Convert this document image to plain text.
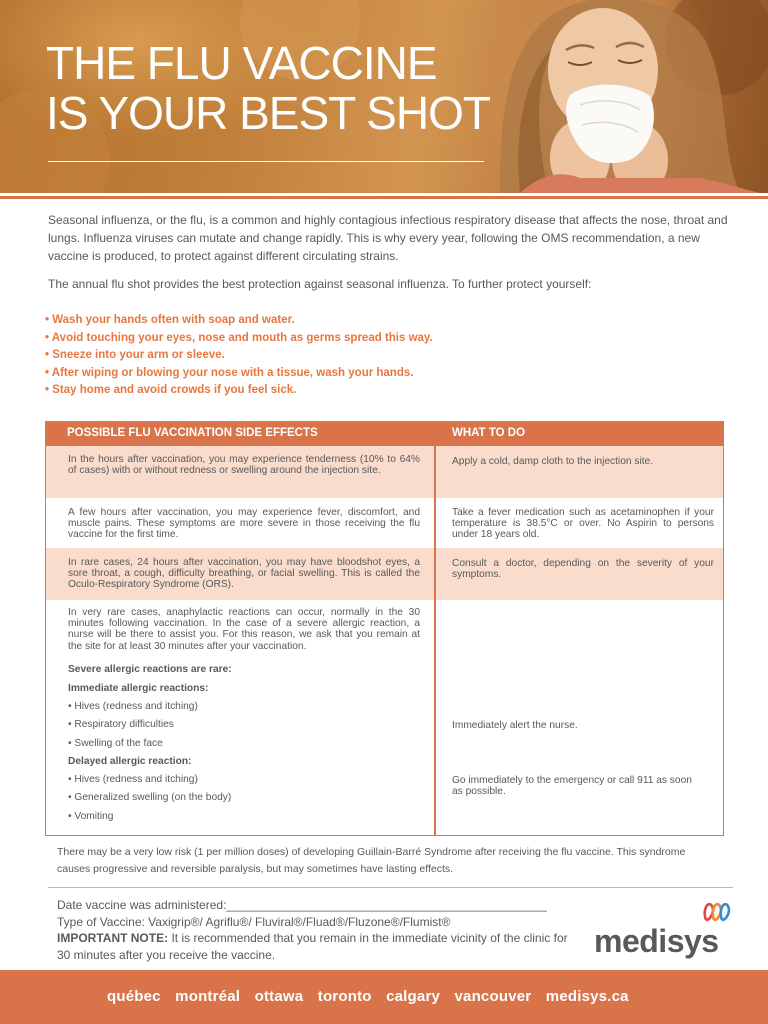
THE FLU VACCINE
IS YOUR BEST SHOT

Seasonal influenza, or the flu, is a common and highly contagious infectious respiratory disease that affects the nose, throat and lungs. Influenza viruses can mutate and change rapidly. This is why every year, following the OMS recommendation, a new vaccine is produced, to protect against different circulating strains.

The annual flu shot provides the best protection against seasonal influenza. To further protect yourself:

• Wash your hands often with soap and water.
• Avoid touching your eyes, nose and mouth as germs spread this way.
• Sneeze into your arm or sleeve.
• After wiping or blowing your nose with a tissue, wash your hands.
• Stay home and avoid crowds if you feel sick.
POSSIBLE FLU VACCINATION SIDE EFFECTS	WHAT TO DO
In the hours after vaccination, you may experience tenderness (10% to 64% of cases) with or without redness or swelling around the injection site.
Apply a cold, damp cloth to the injection site.
A few hours after vaccination, you may experience fever, discomfort, and muscle pains. These symptoms are more severe in those receiving the flu vaccine for the first time.
Take a fever medication such as acetaminophen if your temperature is 38.5°C or over. No Aspirin to persons under 18 years old.
In rare cases, 24 hours after vaccination, you may have bloodshot eyes, a sore throat, a cough, difficulty breathing, or facial swelling. This is called the Oculo-Respiratory Syndrome (ORS).
Consult a doctor, depending on the severity of your symptoms.
In very rare cases, anaphylactic reactions can occur, normally in the 30 minutes following vaccination. In the case of a severe allergic reaction, a nurse will be there to assist you. For this reason, we ask that you remain at the site for at least 30 minutes after your vaccination.
Severe allergic reactions are rare:
Immediate allergic reactions:
• Hives (redness and itching)
• Respiratory difficulties
• Swelling of the face
Delayed allergic reaction:
• Hives (redness and itching)
• Generalized swelling (on the body)
• Vomiting
Immediately alert the nurse.
Go immediately to the emergency or call 911 as soon as possible.

There may be a very low risk (1 per million doses) of developing Guillain-Barré Syndrome after receiving the flu vaccine. This syndrome causes progressive and reversible paralysis, but may sometimes have lasting effects.

Date vaccine was administered:________________________________________________
Type of Vaccine: Vaxigrip®/ Agriflu®/ Fluviral®/Fluad®/Fluzone®/Flumist®
IMPORTANT NOTE: It is recommended that you remain in the immediate vicinity of the clinic for 30 minutes after you receive the vaccine.	medisys
québec montréal ottawa toronto calgary vancouver medisys.ca
